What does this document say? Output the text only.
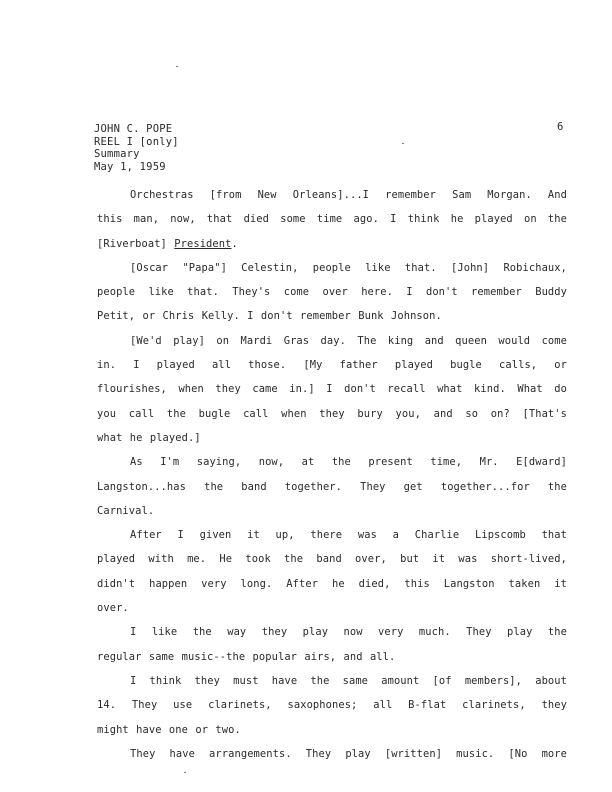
JOHN C. POPE
REEL I [only]
Summary
May 1, 1959
6
Orchestras [from New Orleans]...I remember Sam Morgan. And
this man, now, that died some time ago. I think he played on the
[Riverboat] President.
[Oscar "Papa"] Celestin, people like that. [John] Robichaux,
people like that. They's come over here. I don't remember Buddy
Petit, or Chris Kelly. I don't remember Bunk Johnson.
[We'd play] on Mardi Gras day. The king and queen would come
in. I played all those. [My father played bugle calls, or
flourishes, when they came in.] I don't recall what kind. What do
you call the bugle call when they bury you, and so on? [That's
what he played.]
As I'm saying, now, at the present time, Mr. E[dward]
Langston...has the band together. They get together...for the
Carnival.
After I given it up, there was a Charlie Lipscomb that
played with me. He took the band over, but it was short-lived,
didn't happen very long. After he died, this Langston taken it
over.
I like the way they play now very much. They play the
regular same music--the popular airs, and all.
I think they must have the same amount [of members], about
14. They use clarinets, saxophones; all B-flat clarinets, they
might have one or two.
They have arrangements. They play [written] music. [No more
